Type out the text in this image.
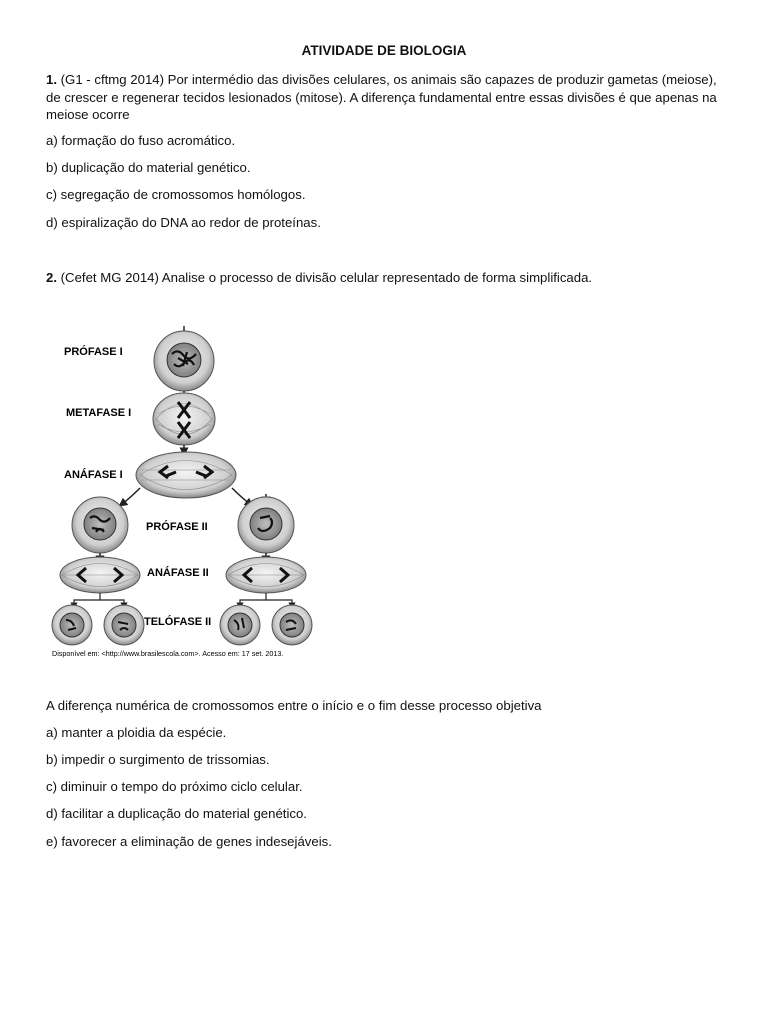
ATIVIDADE DE BIOLOGIA

1. (G1 - cftmg 2014) Por intermédio das divisões celulares, os animais são capazes de produzir gametas (meiose), de crescer e regenerar tecidos lesionados (mitose). A diferença fundamental entre essas divisões é que apenas na meiose ocorre

a) formação do fuso acromático.

b) duplicação do material genético.

c) segregação de cromossomos homólogos.

d) espiralização do DNA ao redor de proteínas.

2. (Cefet MG 2014) Analise o processo de divisão celular representado de forma simplificada.

PRÓFASE I
METAFASE I
ANÁFASE I
PRÓFASE II
ANÁFASE II
TELÓFASE II
Disponível em: <http://www.brasilescola.com>. Acesso em: 17 set. 2013.

A diferença numérica de cromossomos entre o início e o fim desse processo objetiva

a) manter a ploidia da espécie.

b) impedir o surgimento de trissomias.

c) diminuir o tempo do próximo ciclo celular.

d) facilitar a duplicação do material genético.

e) favorecer a eliminação de genes indesejáveis.
